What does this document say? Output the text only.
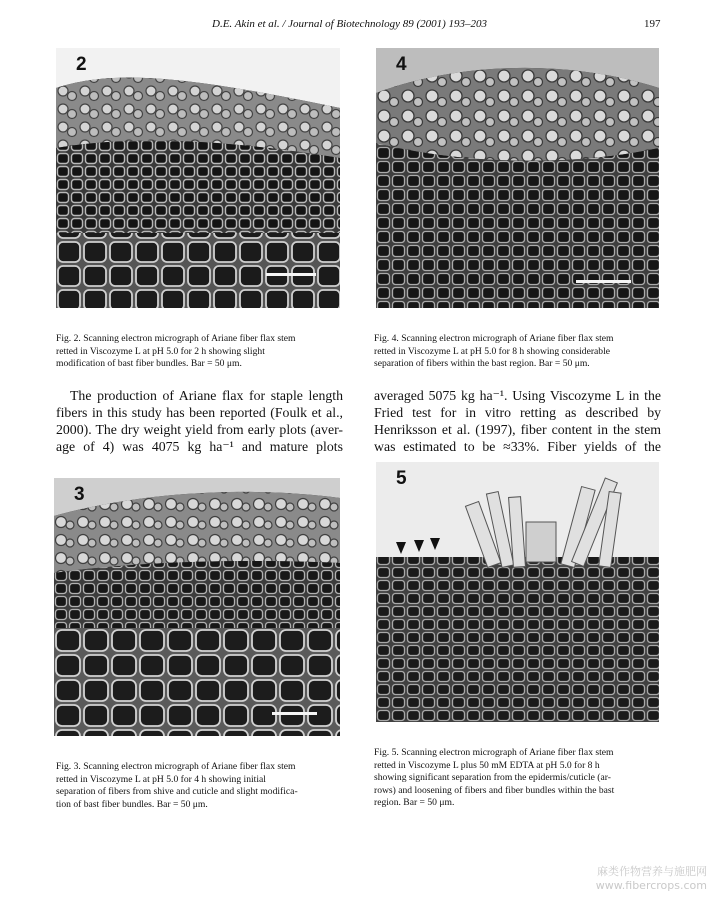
D.E. Akin et al. / Journal of Biotechnology 89 (2001) 193–203	197
2
Fig. 2. Scanning electron micrograph of Ariane fiber flax stem
retted in Viscozyme L at pH 5.0 for 2 h showing slight
modification of bast fiber bundles. Bar = 50 μm.
4
Fig. 4. Scanning electron micrograph of Ariane fiber flax stem
retted in Viscozyme L at pH 5.0 for 8 h showing considerable
separation of fibers within the bast region. Bar = 50 μm.
The production of Ariane flax for staple length
fibers in this study has been reported (Foulk et al.,
2000). The dry weight yield from early plots (aver-
age of 4) was 4075 kg ha⁻¹ and mature plots
averaged 5075 kg ha⁻¹. Using Viscozyme L in the
Fried test for in vitro retting as described by
Henriksson et al. (1997), fiber content in the stem
was estimated to be ≈33%. Fiber yields of the
3
Fig. 3. Scanning electron micrograph of Ariane fiber flax stem
retted in Viscozyme L at pH 5.0 for 4 h showing initial
separation of fibers from shive and cuticle and slight modifica-
tion of bast fiber bundles. Bar = 50 μm.
5
Fig. 5. Scanning electron micrograph of Ariane fiber flax stem
retted in Viscozyme L plus 50 mM EDTA at pH 5.0 for 8 h
showing significant separation from the epidermis/cuticle (ar-
rows) and loosening of fibers and fiber bundles within the bast
region. Bar = 50 μm.
麻类作物营养与施肥网
www.fibercrops.com
